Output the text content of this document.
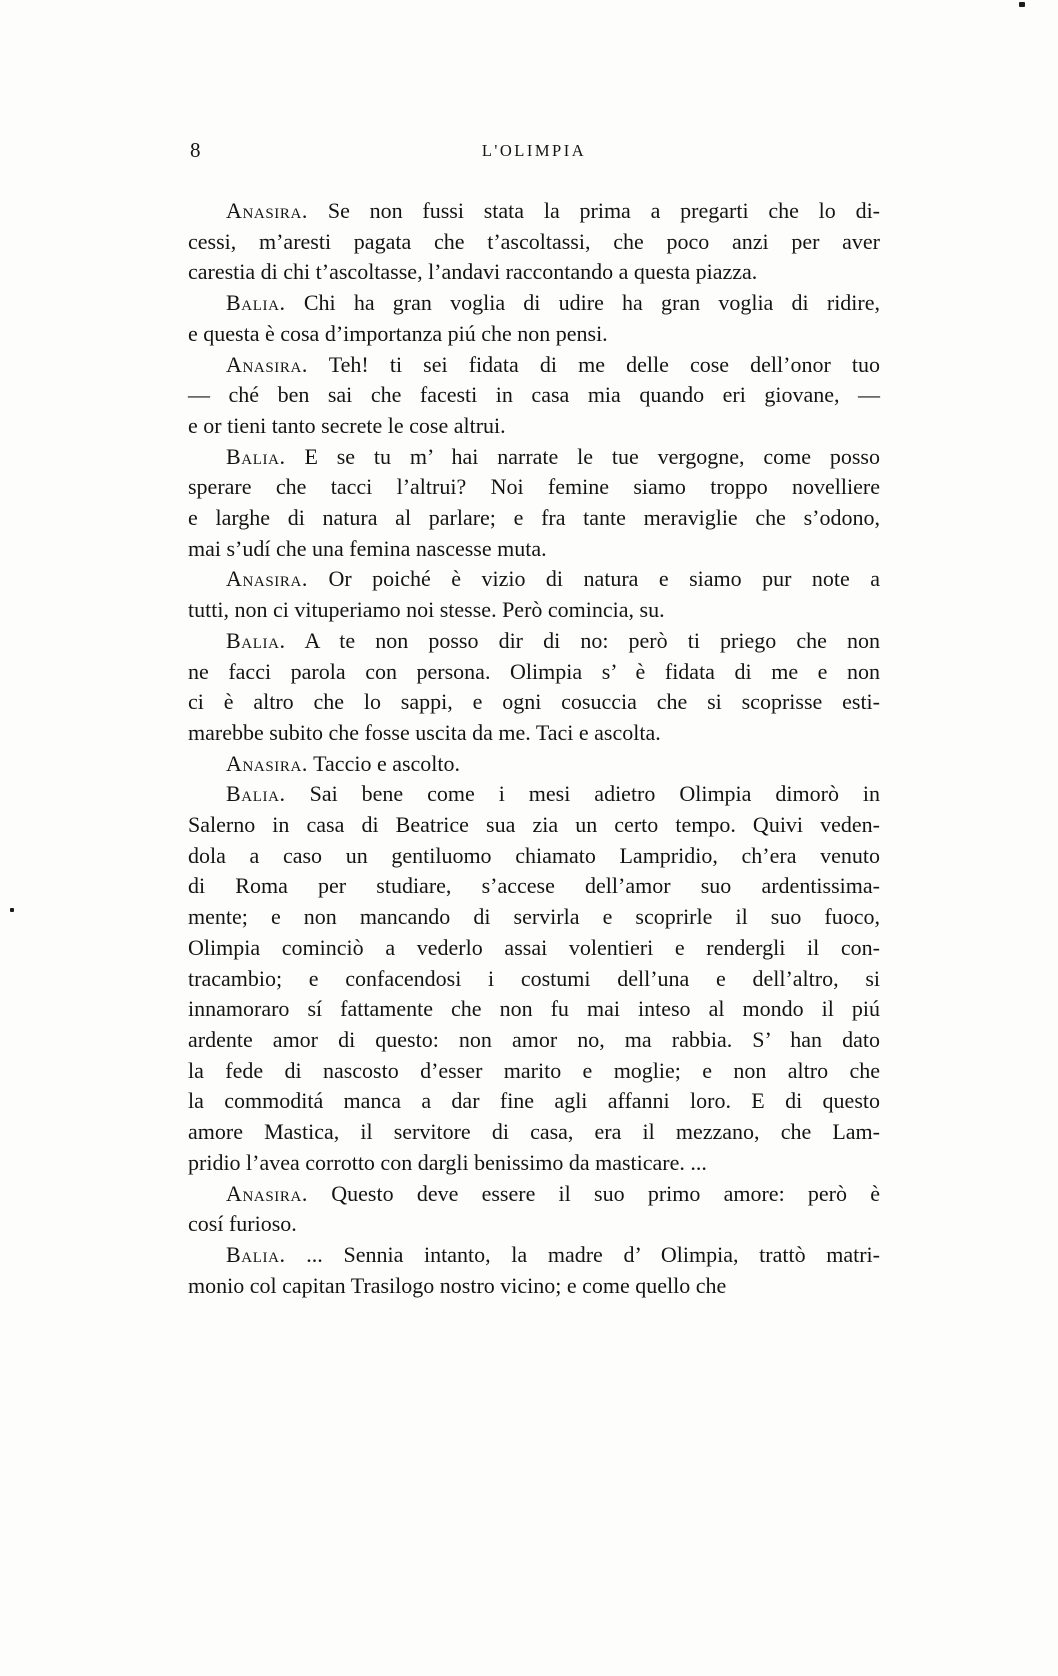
8	L'OLIMPIA

Anasira. Se non fussi stata la prima a pregarti che lo di-
cessi, m’aresti pagata che t’ascoltassi, che poco anzi per aver
carestia di chi t’ascoltasse, l’andavi raccontando a questa piazza.

Balia. Chi ha gran voglia di udire ha gran voglia di ridire,
e questa è cosa d’importanza piú che non pensi.

Anasira. Teh! ti sei fidata di me delle cose dell’onor tuo
— ché ben sai che facesti in casa mia quando eri giovane, —
e or tieni tanto secrete le cose altrui.

Balia. E se tu m’ hai narrate le tue vergogne, come posso
sperare che tacci l’altrui? Noi femine siamo troppo novelliere
e larghe di natura al parlare; e fra tante meraviglie che s’odono,
mai s’udí che una femina nascesse muta.

Anasira. Or poiché è vizio di natura e siamo pur note a
tutti, non ci vituperiamo noi stesse. Però comincia, su.

Balia. A te non posso dir di no: però ti priego che non
ne facci parola con persona. Olimpia s’ è fidata di me e non
ci è altro che lo sappi, e ogni cosuccia che si scoprisse esti-
marebbe subito che fosse uscita da me. Taci e ascolta.

Anasira. Taccio e ascolto.

Balia. Sai bene come i mesi adietro Olimpia dimorò in
Salerno in casa di Beatrice sua zia un certo tempo. Quivi veden-
dola a caso un gentiluomo chiamato Lampridio, ch’era venuto
di Roma per studiare, s’accese dell’amor suo ardentissima-
mente; e non mancando di servirla e scoprirle il suo fuoco,
Olimpia cominciò a vederlo assai volentieri e rendergli il con-
tracambio; e confacendosi i costumi dell’una e dell’altro, si
innamoraro sí fattamente che non fu mai inteso al mondo il piú
ardente amor di questo: non amor no, ma rabbia. S’ han dato
la fede di nascosto d’esser marito e moglie; e non altro che
la commoditá manca a dar fine agli affanni loro. E di questo
amore Mastica, il servitore di casa, era il mezzano, che Lam-
pridio l’avea corrotto con dargli benissimo da masticare. ...

Anasira. Questo deve essere il suo primo amore: però è
cosí furioso.

Balia. ... Sennia intanto, la madre d’ Olimpia, trattò matri-
monio col capitan Trasilogo nostro vicino; e come quello che
